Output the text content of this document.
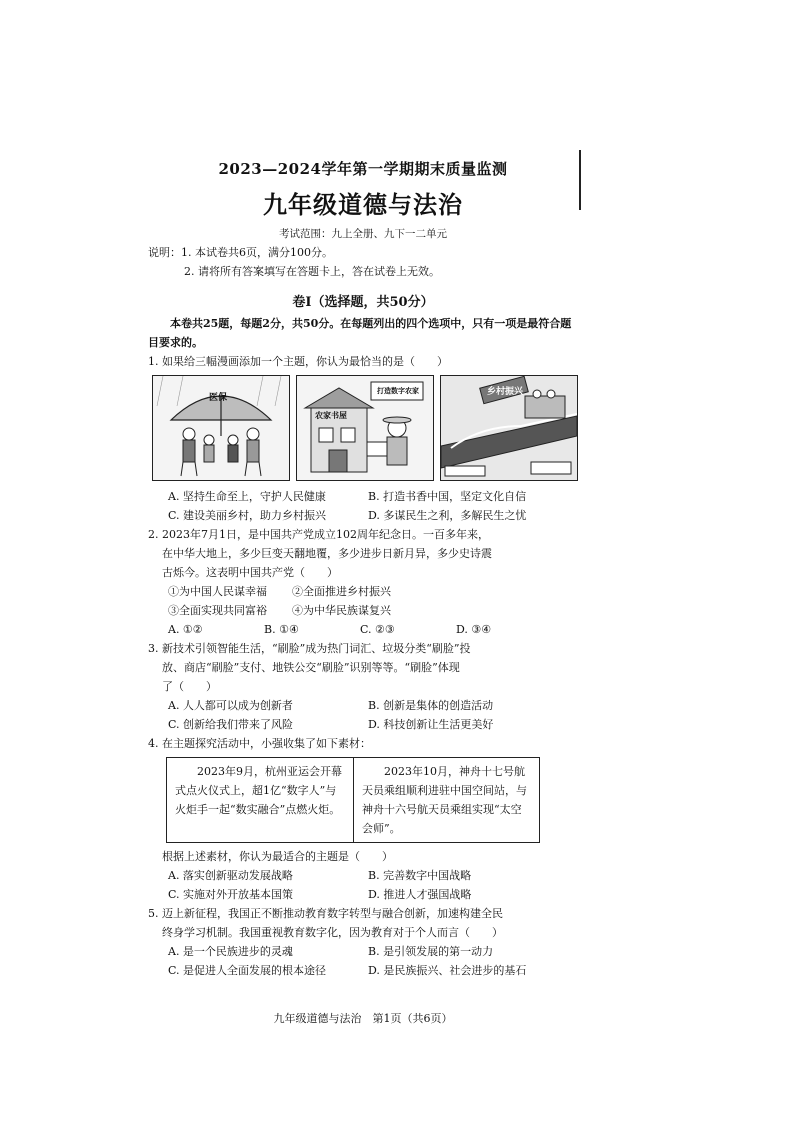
2023—2024学年第一学期期末质量监测
九年级道德与法治
考试范围：九上全册、九下一二单元
说明：1. 本试卷共6页，满分100分。
2. 请将所有答案填写在答题卡上，答在试卷上无效。
卷Ⅰ（选择题，共50分）
本卷共25题，每题2分，共50分。在每题列出的四个选项中，只有一项是最符合题目要求的。
1. 如果给三幅漫画添加一个主题，你认为最恰当的是（　　）
医保
打造数字农家
农家书屋
乡村振兴
A. 坚持生命至上，守护人民健康	B. 打造书香中国，坚定文化自信
C. 建设美丽乡村，助力乡村振兴	D. 多谋民生之利，多解民生之忧
2. 2023年7月1日，是中国共产党成立102周年纪念日。一百多年来，
在中华大地上，多少巨变天翻地覆，多少进步日新月异，多少史诗震
古烁今。这表明中国共产党（　　）
①为中国人民谋幸福	②全面推进乡村振兴
③全面实现共同富裕	④为中华民族谋复兴
A. ①②	B. ①④	C. ②③	D. ③④
3. 新技术引领智能生活，“刷脸”成为热门词汇、垃圾分类“刷脸”投
放、商店“刷脸”支付、地铁公交“刷脸”识别等等。“刷脸”体现
了（　　）
A. 人人都可以成为创新者	B. 创新是集体的创造活动
C. 创新给我们带来了风险	D. 科技创新让生活更美好
4. 在主题探究活动中，小强收集了如下素材：
2023年9月，杭州亚运会开幕式点火仪式上，超1亿“数字人”与火炬手一起“数实融合”点燃火炬。
2023年10月，神舟十七号航天员乘组顺利进驻中国空间站，与神舟十六号航天员乘组实现“太空会师”。
根据上述素材，你认为最适合的主题是（　　）
A. 落实创新驱动发展战略	B. 完善数字中国战略
C. 实施对外开放基本国策	D. 推进人才强国战略
5. 迈上新征程，我国正不断推动教育数字转型与融合创新，加速构建全民
终身学习机制。我国重视教育数字化，因为教育对于个人而言（　　）
A. 是一个民族进步的灵魂	B. 是引领发展的第一动力
C. 是促进人全面发展的根本途径	D. 是民族振兴、社会进步的基石
九年级道德与法治　第1页（共6页）
